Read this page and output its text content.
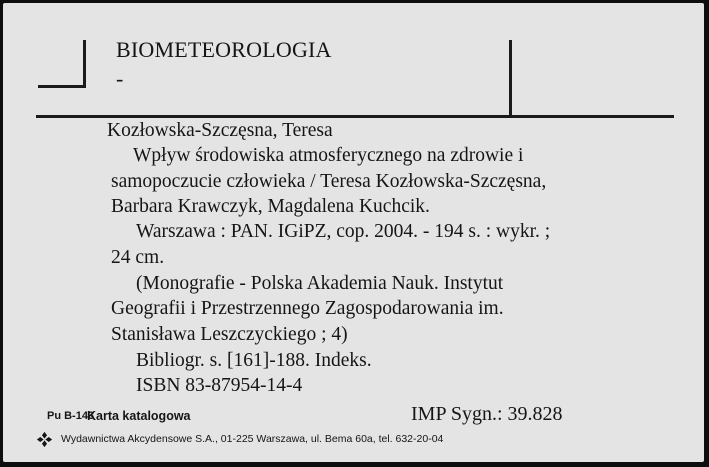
BIOMETEOROLOGIA
-
Kozłowska-Szczęsna, Teresa
Wpływ środowiska atmosferycznego na zdrowie i
samopoczucie człowieka / Teresa Kozłowska-Szczęsna,
Barbara Krawczyk, Magdalena Kuchcik.
Warszawa : PAN. IGiPZ, cop. 2004. - 194 s. : wykr. ;
24 cm.
(Monografie - Polska Akademia Nauk. Instytut
Geografii i Przestrzennego Zagospodarowania im.
Stanisława Leszczyckiego ; 4)
Bibliogr. s. [161]-188. Indeks.
ISBN 83-87954-14-4
Pu B-143
Karta katalogowa	IMP Sygn.: 39.828
Wydawnictwa Akcydensowe S.A., 01-225 Warszawa, ul. Bema 60a, tel. 632-20-04
